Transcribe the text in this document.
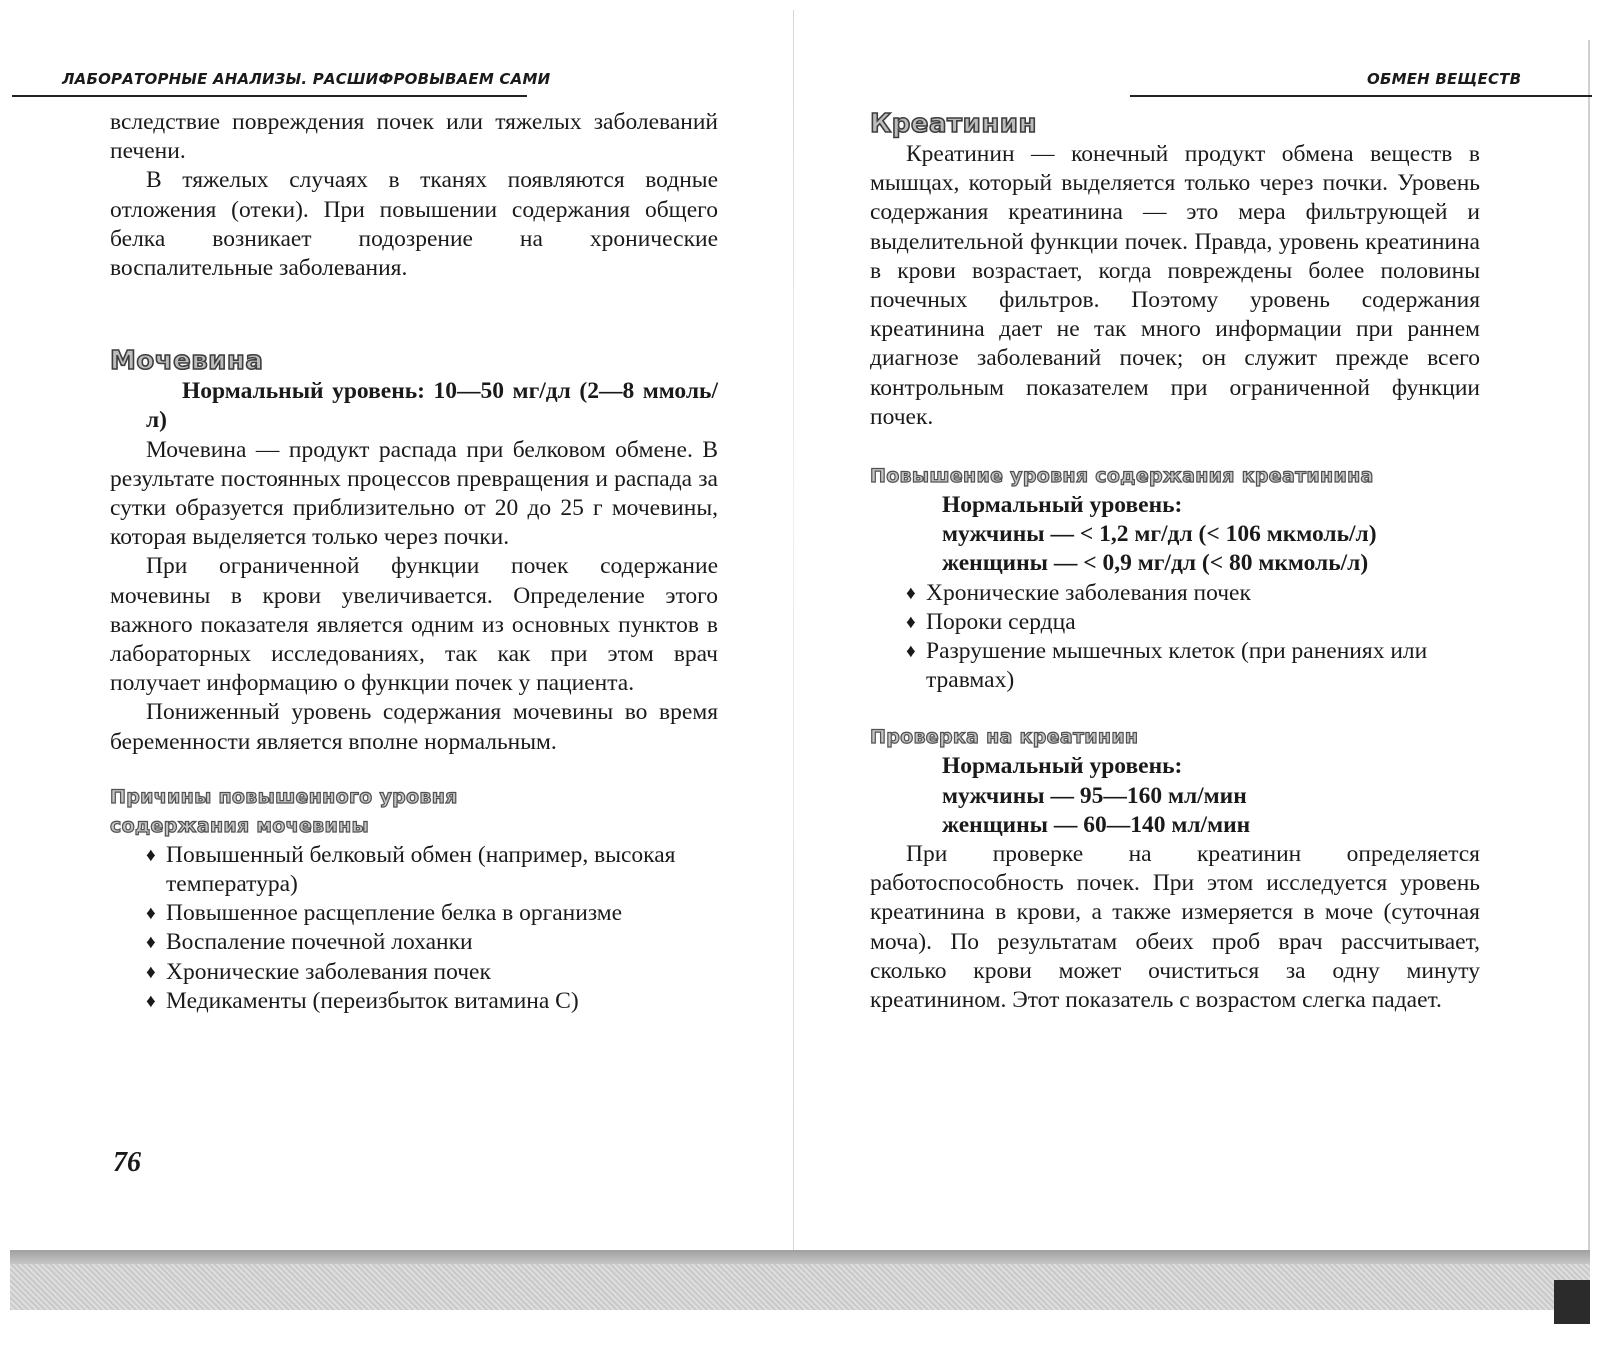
ЛАБОРАТОРНЫЕ АНАЛИЗЫ. РАСШИФРОВЫВАЕМ САМИ

вследствие повреждения почек или тяжелых заболеваний печени.

В тяжелых случаях в тканях появляются водные отложения (отеки). При повышении содержания общего белка возникает подозрение на хронические воспалительные заболевания.

Мочевина

Нормальный уровень: 10—50 мг/дл (2—8 ммоль/л)

Мочевина — продукт распада при белковом обмене. В результате постоянных процессов превращения и распада за сутки образуется приблизительно от 20 до 25 г мочевины, которая выделяется только через почки.

При ограниченной функции почек содержание мочевины в крови увеличивается. Определение этого важного показателя является одним из основных пунктов в лабораторных исследованиях, так как при этом врач получает информацию о функции почек у пациента.

Пониженный уровень содержания мочевины во время беременности является вполне нормальным.

Причины повышенного уровня
содержания мочевины
♦ Повышенный белковый обмен (например, высокая температура)
♦ Повышенное расщепление белка в организме
♦ Воспаление почечной лоханки
♦ Хронические заболевания почек
♦ Медикаменты (переизбыток витамина С)
76
ОБМЕН ВЕЩЕСТВ
Креатинин

Креатинин — конечный продукт обмена веществ в мышцах, который выделяется только через почки. Уровень содержания креатинина — это мера фильтрующей и выделительной функции почек. Правда, уровень креатинина в крови возрастает, когда повреждены более половины почечных фильтров. Поэтому уровень содержания креатинина дает не так много информации при раннем диагнозе заболеваний почек; он служит прежде всего контрольным показателем при ограниченной функции почек.

Повышение уровня содержания креатинина

Нормальный уровень:

мужчины — < 1,2 мг/дл (< 106 мкмоль/л)

женщины — < 0,9 мг/дл (< 80 мкмоль/л)

♦ Хронические заболевания почек
♦ Пороки сердца
♦ Разрушение мышечных клеток (при ранениях или травмах)
Проверка на креатинин

Нормальный уровень:

мужчины — 95—160 мл/мин

женщины — 60—140 мл/мин

При проверке на креатинин определяется работоспособность почек. При этом исследуется уровень креатинина в крови, а также измеряется в моче (суточная моча). По результатам обеих проб врач рассчитывает, сколько крови может очиститься за одну минуту креатинином. Этот показатель с возрастом слегка падает.
